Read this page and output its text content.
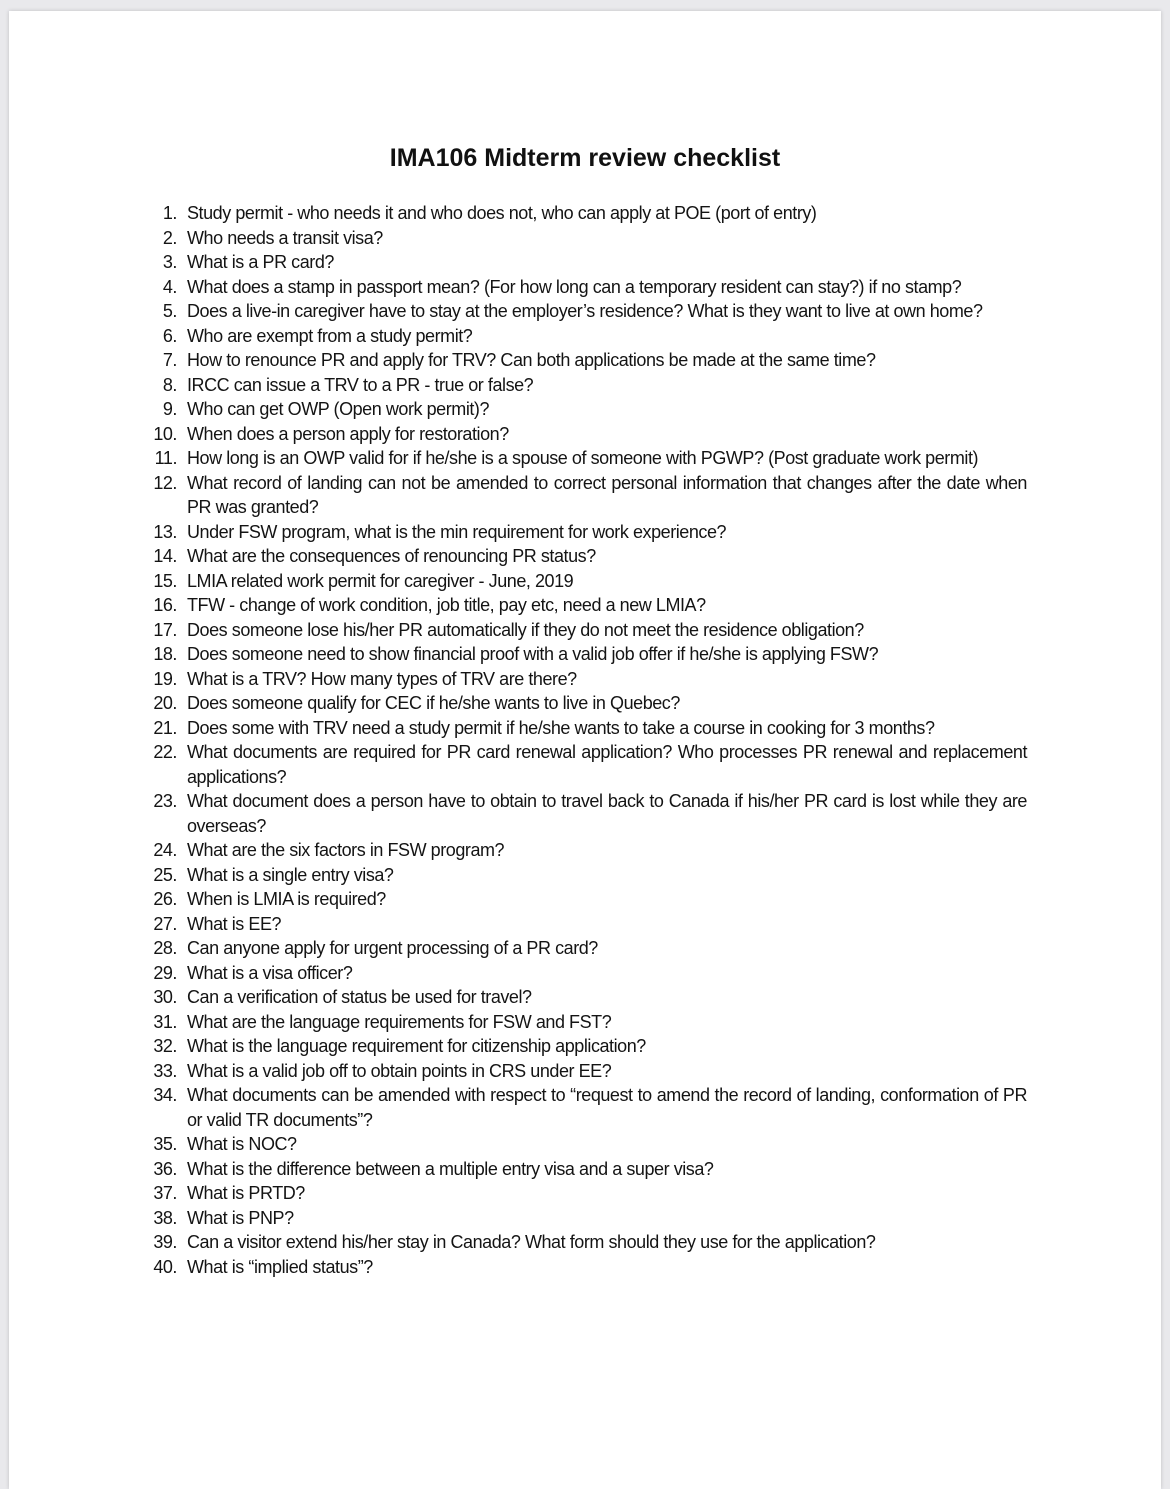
IMA106 Midterm review checklist
1. Study permit - who needs it and who does not, who can apply at POE (port of entry)
2. Who needs a transit visa?
3. What is a PR card?
4. What does a stamp in passport mean? (For how long can a temporary resident can stay?) if no stamp?
5. Does a live-in caregiver have to stay at the employer’s residence? What is they want to live at own home?
6. Who are exempt from a study permit?
7. How to renounce PR and apply for TRV? Can both applications be made at the same time?
8. IRCC can issue a TRV to a PR - true or false?
9. Who can get OWP (Open work permit)?
10. When does a person apply for restoration?
11. How long is an OWP valid for if he/she is a spouse of someone with PGWP? (Post graduate work permit)
12. What record of landing can not be amended to correct personal information that changes after the date when PR was granted?
13. Under FSW program, what is the min requirement for work experience?
14. What are the consequences of renouncing PR status?
15. LMIA related work permit for caregiver - June, 2019
16. TFW - change of work condition, job title, pay etc, need a new LMIA?
17. Does someone lose his/her PR automatically if they do not meet the residence obligation?
18. Does someone need to show financial proof with a valid job offer if he/she is applying FSW?
19. What is a TRV? How many types of TRV are there?
20. Does someone qualify for CEC if he/she wants to live in Quebec?
21. Does some with TRV need a study permit if he/she wants to take a course in cooking for 3 months?
22. What documents are required for PR card renewal application? Who processes PR renewal and replacement applications?
23. What document does a person have to obtain to travel back to Canada if his/her PR card is lost while they are overseas?
24. What are the six factors in FSW program?
25. What is a single entry visa?
26. When is LMIA is required?
27. What is EE?
28. Can anyone apply for urgent processing of a PR card?
29. What is a visa officer?
30. Can a verification of status be used for travel?
31. What are the language requirements for FSW and FST?
32. What is the language requirement for citizenship application?
33. What is a valid job off to obtain points in CRS under EE?
34. What documents can be amended with respect to “request to amend the record of landing, conformation of PR or valid TR documents”?
35. What is NOC?
36. What is the difference between a multiple entry visa and a super visa?
37. What is PRTD?
38. What is PNP?
39. Can a visitor extend his/her stay in Canada? What form should they use for the application?
40. What is “implied status”?
